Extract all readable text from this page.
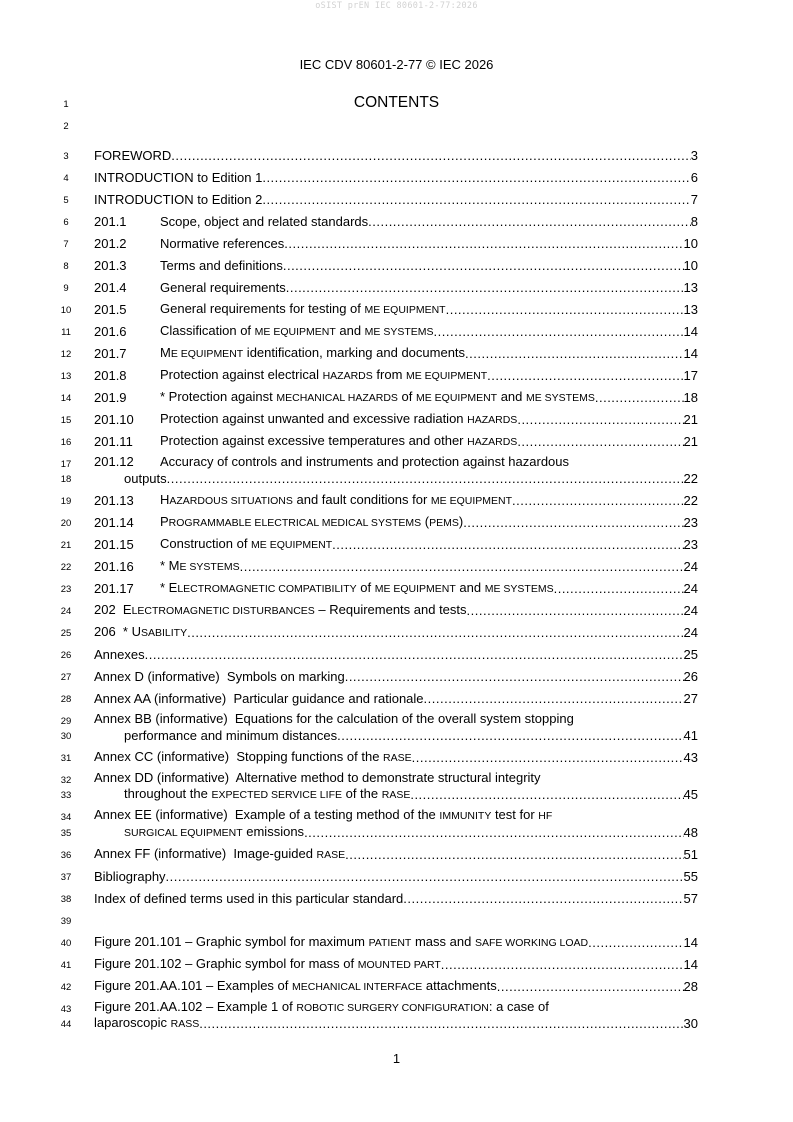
oSIST prEN IEC 80601-2-77:2026
IEC CDV 80601-2-77 © IEC 2026
CONTENTS
1
2
3
4
5
6
7
8
9
10
11
12
13
14
15
16
17
18
19
20
21
22
23
24
25
26
27
28
29
30
31
32
33
34
35
36
37
38
39
40
41
42
43
44
FOREWORD .....	3
INTRODUCTION to Edition 1 .....	6
INTRODUCTION to Edition 2 .....	7
201.1	Scope, object and related standards .....	8
201.2	Normative references .....	10
201.3	Terms and definitions .....	10
201.4	General requirements .....	13
201.5	General requirements for testing of ME EQUIPMENT .....	13
201.6	Classification of ME EQUIPMENT and ME SYSTEMS .....	14
201.7	ME EQUIPMENT identification, marking and documents .....	14
201.8	Protection against electrical HAZARDS from ME EQUIPMENT .....	17
201.9	* Protection against MECHANICAL HAZARDS of ME EQUIPMENT and ME SYSTEMS .....	18
201.10	Protection against unwanted and excessive radiation HAZARDS .....	21
201.11	Protection against excessive temperatures and other HAZARDS .....	21
201.12 Accuracy of controls and instruments and protection against hazardous
outputs .....	22
201.13	HAZARDOUS SITUATIONS and fault conditions for ME EQUIPMENT .....	22
201.14	PROGRAMMABLE ELECTRICAL MEDICAL SYSTEMS (PEMS) .....	23
201.15	Construction of ME EQUIPMENT .....	23
201.16	* ME SYSTEMS .....	24
201.17	* ELECTROMAGNETIC COMPATIBILITY of ME EQUIPMENT and ME SYSTEMS .....	24
202  ELECTROMAGNETIC DISTURBANCES – Requirements and tests .....	24
206  * USABILITY .....	24
Annexes .....	25
Annex D (informative)  Symbols on marking .....	26
Annex AA (informative)  Particular guidance and rationale .....	27
Annex BB (informative)  Equations for the calculation of the overall system stopping
performance and minimum distances .....	41
Annex CC (informative)  Stopping functions of the RASE .....	43
Annex DD (informative)  Alternative method to demonstrate structural integrity
throughout the EXPECTED SERVICE LIFE of the RASE .....	45
Annex EE (informative)  Example of a testing method of the IMMUNITY test for HF
SURGICAL EQUIPMENT emissions .....	48
Annex FF (informative)  Image-guided RASE .....	51
Bibliography .....	55
Index of defined terms used in this particular standard .....	57
Figure 201.101 – Graphic symbol for maximum PATIENT mass and SAFE WORKING LOAD .....	14
Figure 201.102 – Graphic symbol for mass of MOUNTED PART .....	14
Figure 201.AA.101 – Examples of MECHANICAL INTERFACE attachments .....	28
Figure 201.AA.102 – Example 1 of ROBOTIC SURGERY CONFIGURATION: a case of
laparoscopic RASS .....	30
1
